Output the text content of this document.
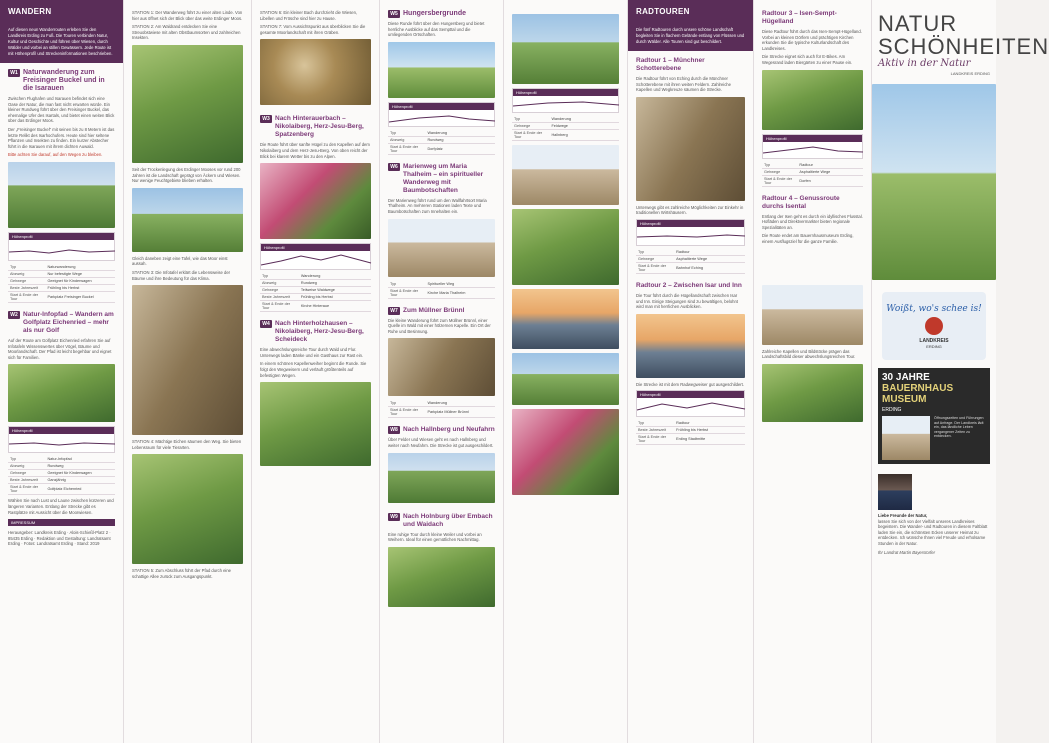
WANDERN
Auf diesen neun Wanderrouten erleben Sie den Landkreis Erding zu Fuß. Die Touren verbinden Natur, Kultur und Geschichte und führen über Wiesen, durch Wälder und vorbei an stillen Gewässern. Jede Route ist mit Höhenprofil und Streckeninformationen beschrieben.
W1 Naturwanderung zum Freisinger Buckel und in die Isarauen

Zwischen Flughafen und Isarauen befindet sich eine Oase der Natur, die man fast nicht erwarten würde. Ein kleiner Rundweg führt über den Freisinger Buckel, das ehemalige Ufer des Isartals, und bietet einen weiten Blick über das Erdinger Moos.

Der „Freisinger Buckel“ mit seinen bis zu 8 Metern ist das letzte Relikt des Isarhochufers. Heute sind hier seltene Pflanzen und Insekten zu finden. Ein kurzer Abstecher führt in die Isarauen mit ihrem dichten Auwald.

Bitte achten Sie darauf, auf den Wegen zu bleiben.

Höhenprofil
Typ	Naturwanderung
Abzweig	Nur befestigte Wege
Gehwege	Geeignet für Kinderwagen
Beste Jahreszeit	Frühling bis Herbst
Start & Ende der Tour	Parkplatz Freisinger Buckel
W2 Natur-Infopfad – Wandern am Golfplatz Eichenried – mehr als nur Golf

Auf der Route am Golfplatz Eichenried erfahren Sie auf Infotafeln Wissenswertes über Vögel, Bäume und Moorlandschaft. Der Pfad ist leicht begehbar und eignet sich für Familien.

Höhenprofil
Typ	Natur-Infopfad
Abzweig	Rundweg
Gehwege	Geeignet für Kinderwagen
Beste Jahreszeit	Ganzjährig
Start & Ende der Tour	Golfplatz Eichenried

Wählen Sie nach Lust und Laune zwischen kürzeren und längeren Varianten. Entlang der Strecke gibt es Rastplätze mit Aussicht über die Moorwiesen.

IMPRESSUM

Herausgeber: Landkreis Erding · Alois-Schießl-Platz 2 · 85435 Erding · Redaktion und Gestaltung: Landratsamt Erding · Fotos: Landratsamt Erding · Stand: 2019

STATION 1: Der Wanderweg führt zu einer alten Linde. Von hier aus öffnet sich der Blick über das weite Erdinger Moos.

STATION 2: Am Waldrand entdecken Sie eine Streuobstwiese mit alten Obstbaumsorten und zahlreichen Insekten.

Seit der Trockenlegung des Erdinger Mooses vor rund 200 Jahren ist die Landschaft geprägt von Äckern und Wiesen. Nur wenige Feuchtgebiete blieben erhalten.

Gleich daneben zeigt eine Tafel, wie das Moor einst aussah.

STATION 3: Die Infotafel erklärt die Lebensweise der Bäume und ihre Bedeutung für das Klima.

STATION 4: Mächtige Eichen säumen den Weg. Sie bieten Lebensraum für viele Tierarten.

STATION 5: Zum Abschluss führt der Pfad durch eine schattige Allee zurück zum Ausgangspunkt.

STATION 6: Ein kleiner Bach durchzieht die Wiesen, Libellen und Frösche sind hier zu Hause.

STATION 7: Vom Aussichtspunkt aus überblicken Sie die gesamte Moorlandschaft mit ihren Gräben.

W3 Nach Hinterauerbach – Nikolaiberg, Herz-Jesu-Berg, Spatzenberg

Die Route führt über sanfte Hügel zu den Kapellen auf dem Nikolaiberg und dem Herz-Jesu-Berg. Von oben reicht der Blick bei klarem Wetter bis zu den Alpen.

Höhenprofil
Typ	Wanderung
Abzweig	Rundweg
Gehwege	Teilweise Waldwege
Beste Jahreszeit	Frühling bis Herbst
Start & Ende der Tour	Kirche Hinteraue
W4 Nach Hinterholzhausen – Nikolaiberg, Herz-Jesu-Berg, Scheideck

Eine abwechslungsreiche Tour durch Wald und Flur. Unterwegs laden Bänke und ein Gasthaus zur Rast ein.

In einem schönen Kapellenweiher beginnt die Runde. Sie folgt den Wegweisern und verläuft größtenteils auf befestigten Wegen.

W5 Hungersbergrunde

Diese Runde führt über den Hungersberg und bietet herrliche Ausblicke auf das Sempttal und die umliegenden Ortschaften.

Höhenprofil
Typ	Wanderung
Abzweig	Rundweg
Start & Ende der Tour	Dorfplatz
W6 Marienweg um Maria Thalheim – ein spiritueller Wanderweg mit Baumbotschaften

Der Marienweg führt rund um den Wallfahrtsort Maria Thalheim. An mehreren Stationen laden Texte und Baumbotschaften zum Innehalten ein.

Typ	Spiritueller Weg
Start & Ende der Tour	Kirche Maria Thalheim
W7 Zum Müllner Brünnl

Die kleine Wanderung führt zum Müllner Brünnl, einer Quelle im Wald mit einer hölzernen Kapelle. Ein Ort der Ruhe und Besinnung.

Typ	Wanderung
Start & Ende der Tour	Parkplatz Müllner Brünnl
W8 Nach Hallnberg und Neufahrn

Über Felder und Wiesen geht es nach Hallnberg und weiter nach Neufahrn. Die Strecke ist gut ausgeschildert.

W9 Nach Holnburg über Embach und Waidach

Eine ruhige Tour durch kleine Weiler und vorbei an Weihern. Ideal für einen gemütlichen Nachmittag.

Höhenprofil
Typ	Wanderung
Gehwege	Feldwege
Start & Ende der Tour	Hallnberg
RADTOUREN
Die fünf Radtouren durch unsere schöne Landschaft begleiten Sie in flachem Gelände entlang von Flüssen und durch Wälder. Alle Touren sind gut beschildert.
Radtour 1 – Münchner Schotterebene

Die Radtour führt von Eching durch die Münchner Schotterebene mit ihren weiten Feldern. Zahlreiche Kapellen und Wegkreuze säumen die Strecke.

Unterwegs gibt es zahlreiche Möglichkeiten zur Einkehr in traditionellen Wirtshäusern.

Höhenprofil
Typ	Radtour
Gehwege	Asphaltierte Wege
Start & Ende der Tour	Bahnhof Eching
Radtour 2 – Zwischen Isar und Inn

Die Tour führt durch die Hügellandschaft zwischen Isar und Inn. Einige Steigungen sind zu bewältigen, belohnt wird man mit herrlichen Ausblicken.

Die Strecke ist mit dem Radwegweiser gut ausgeschildert.

Höhenprofil
Typ	Radtour
Beste Jahreszeit	Frühling bis Herbst
Start & Ende der Tour	Erding Stadtmitte
Radtour 3 – Isen-Sempt-Hügelland

Diese Radtour führt durch das Isen-Sempt-Hügelland. Vorbei an kleinen Dörfern und prächtigen Kirchen erkunden Sie die typische Kulturlandschaft des Landkreises.

Die Strecke eignet sich auch für E-Bikes. Am Wegesrand laden Biergärten zu einer Pause ein.

Höhenprofil
Typ	Radtour
Gehwege	Asphaltierte Wege
Start & Ende der Tour	Dorfen
Radtour 4 – Genussroute durchs Isental

Entlang der Isen geht es durch ein idyllisches Flusstal. Hofläden und Direktvermarkter bieten regionale Spezialitäten an.

Die Route endet am Bauernhausmuseum Erding, einem Ausflugsziel für die ganze Familie.

Zahlreiche Kapellen und Bildstöcke prägen das Landschaftsbild dieser abwechslungsreichen Tour.

NATUR
SCHÖNHEITEN
Aktiv in der Natur
LANDKREIS ERDING
Woißt, wo's schee is!
LANDKREIS
ERDING
30 JAHRE
BAUERNHAUS MUSEUM
ERDING
Öffnungszeiten und Führungen auf Anfrage. Der Landkreis lädt ein, das ländliche Leben vergangener Zeiten zu entdecken.

Liebe Freunde der Natur,

lassen Sie sich von der Vielfalt unseres Landkreises begeistern. Die Wander- und Radtouren in diesem Faltblatt laden Sie ein, die schönsten Ecken unserer Heimat zu entdecken. Ich wünsche Ihnen viel Freude und erholsame Stunden in der Natur.

Ihr Landrat Martin Bayerstorfer
